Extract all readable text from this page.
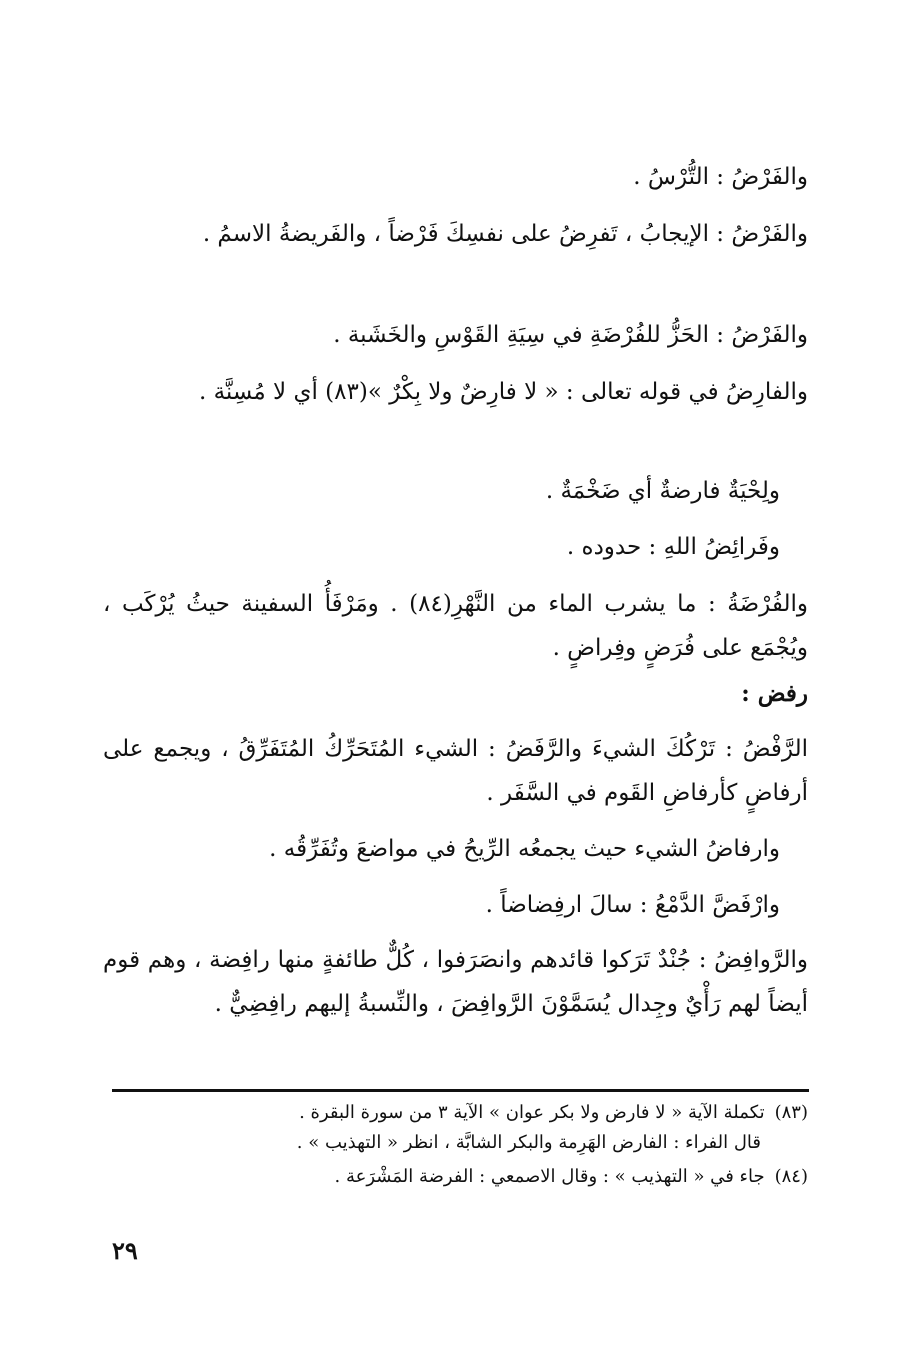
والفَرْضُ : التُّرْسُ .
والفَرْضُ : الإيجابُ ، تَفرِضُ على نفسِكَ فَرْضاً ، والفَريضةُ الاسمُ .
والفَرْضُ : الحَزُّ للفُرْضَةِ في سِيَةِ القَوْسِ والخَشَبة .
والفارِضُ في قوله تعالى : « لا فارِضٌ ولا بِكْرٌ »(٨٣) أي لا مُسِنَّة .
ولِحْيَةٌ فارضةٌ أي ضَخْمَةٌ .
وفَرائِضُ اللهِ : حدوده .
والفُرْضَةُ : ما يشرب الماء من النَّهْرِ(٨٤) . ومَرْفَأُ السفينة حيثُ يُرْكَب ، ويُجْمَع على فُرَضٍ وفِراضٍ .
رفض :
الرَّفْضُ : تَرْكُكَ الشيءَ والرَّفَضُ : الشيء المُتَحَرِّكُ المُتَفَرِّقُ ، ويجمع على أرفاضٍ كأرفاضِ القَوم في السَّفَر .
وارفاضُ الشيء حيث يجمعُه الرِّيحُ في مواضعَ وتُفَرِّقُه .
وارْفَضَّ الدَّمْعُ : سالَ ارفِضاضاً .
والرَّوافِضُ : جُنْدٌ تَرَكوا قائدهم وانصَرَفوا ، كُلٌّ طائفةٍ منها رافِضة ، وهم قوم أيضاً لهم رَأْيٌ وجِدال يُسَمَّوْنَ الرَّوافِضَ ، والنِّسبةُ إليهم رافِضِيٌّ .
(٨٣)تكملة الآية « لا فارض ولا بكر عوان » الآية ٣ من سورة البقرة .
قال الفراء : الفارض الهَرِمة والبكر الشابَّة ، انظر « التهذيب » .
(٨٤)جاء في « التهذيب » : وقال الاصمعي : الفرضة المَشْرَعة .
٢٩
